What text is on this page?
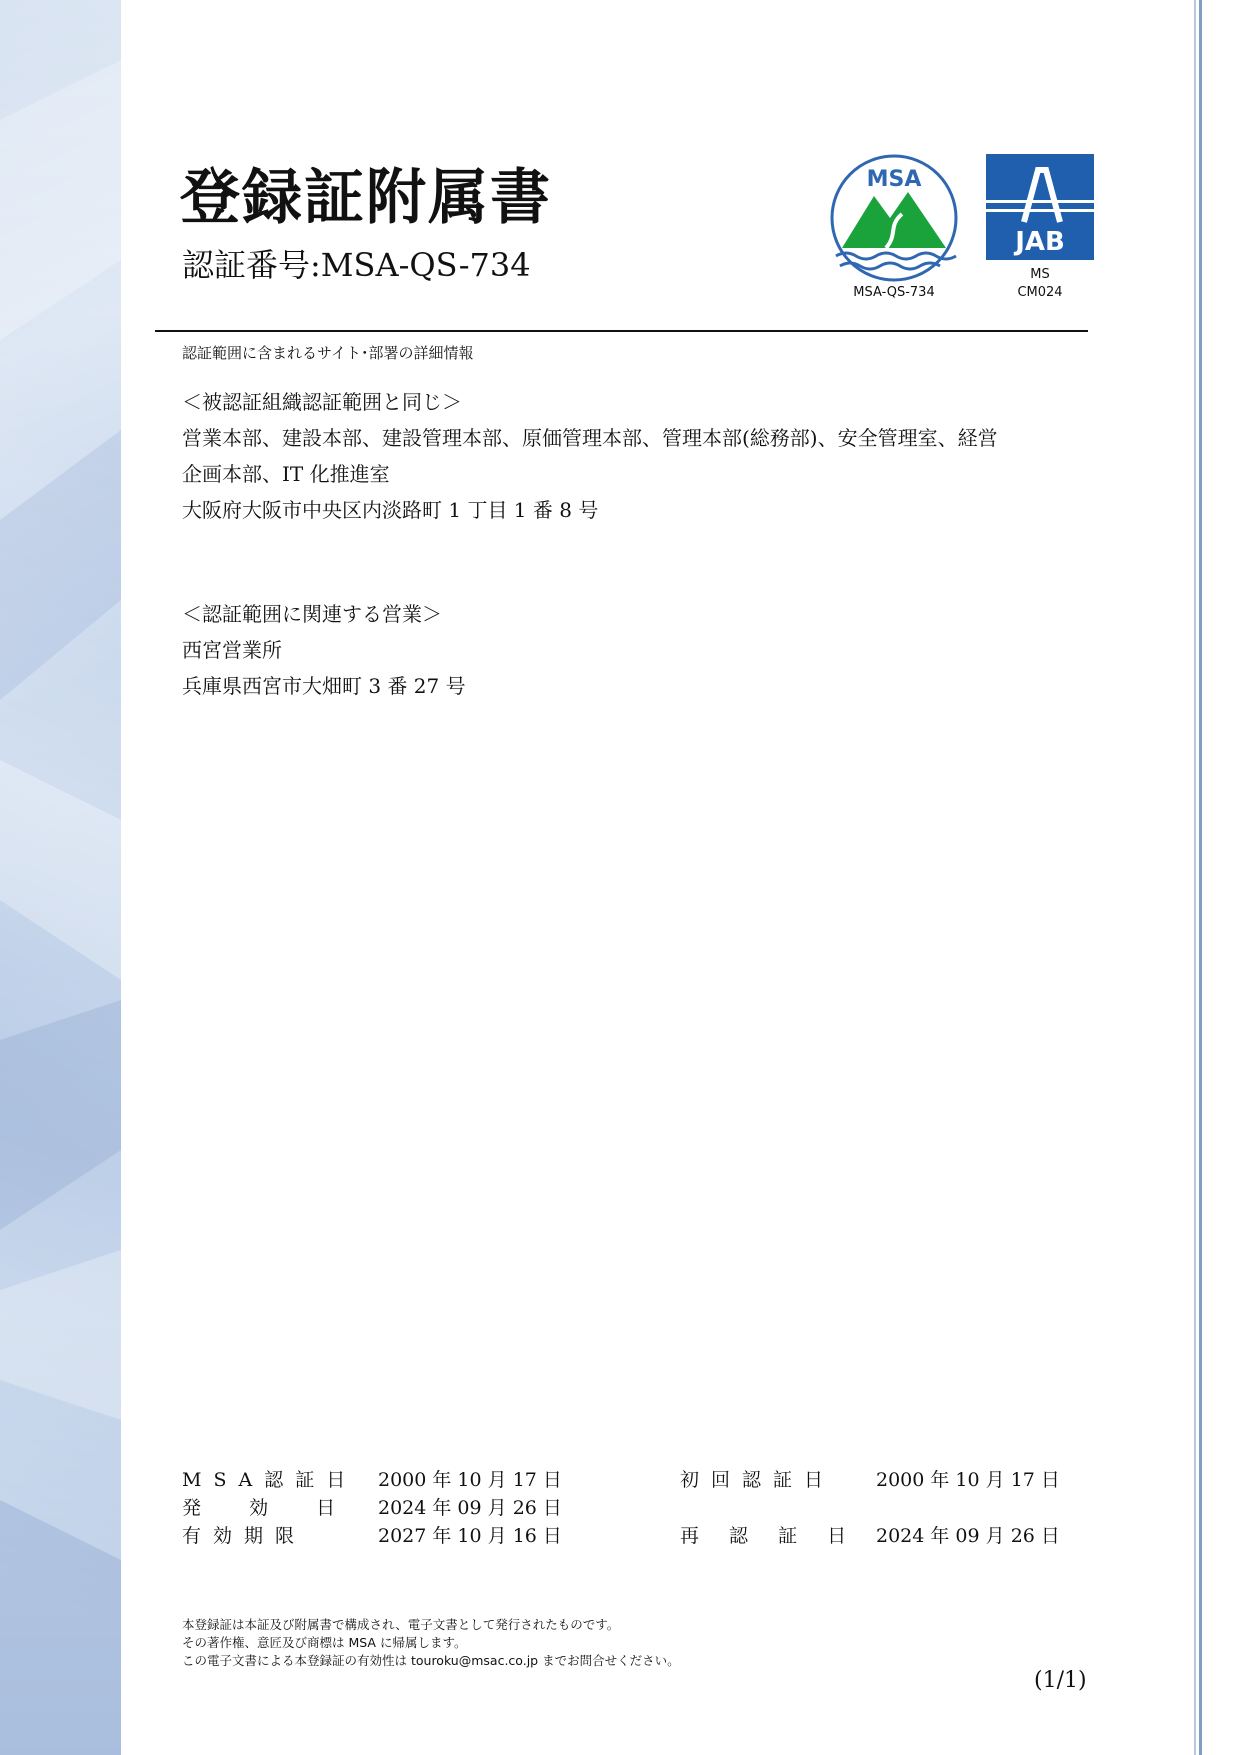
登録証附属書
認証番号:MSA-QS-734
MSA
MSA-QS-734
JAB
MS
CM024
認証範囲に含まれるサイト･部署の詳細情報
＜被認証組織認証範囲と同じ＞
営業本部、建設本部、建設管理本部、原価管理本部、管理本部(総務部)、安全管理室、経営
企画本部、IT 化推進室
大阪府大阪市中央区内淡路町 1 丁目 1 番 8 号
＜認証範囲に関連する営業＞
西宮営業所
兵庫県西宮市大畑町 3 番 27 号
MSA認証日 2000 年 10 月 17 日	初回認証日 2000 年 10 月 17 日
発  効  日 2024 年 09 月 26 日
有効期限	2027 年 10 月 16 日	再 認 証 日 2024 年 09 月 26 日
本登録証は本証及び附属書で構成され、電子文書として発行されたものです。
その著作権、意匠及び商標は MSA に帰属します。
この電子文書による本登録証の有効性は touroku@msac.co.jp までお問合せください。
(1/1)
